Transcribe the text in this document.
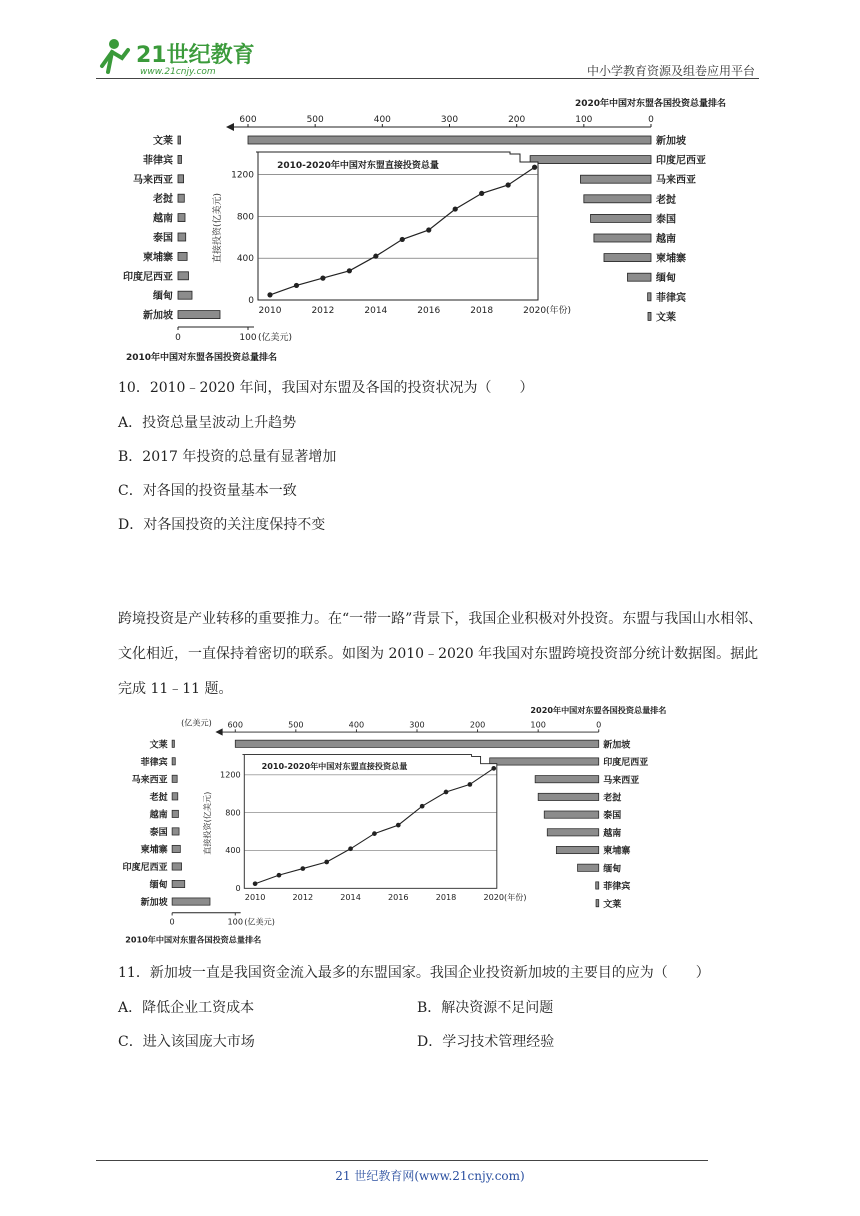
21世纪教育
www.21cnjy.com	中小学教育资源及组卷应用平台
2020年中国对东盟各国投资总量排名
600	500	400	300	200	100	0
新加坡
印度尼西亚
马来西亚
老挝
泰国
越南
柬埔寨
缅甸
菲律宾
文莱
文莱
菲律宾
马来西亚
老挝
越南
泰国
柬埔寨
印度尼西亚
缅甸
新加坡
0	100 (亿美元)
2010年中国对东盟各国投资总量排名
2010-2020年中国对东盟直接投资总量
0
400
800
1200
直接投资(亿美元)
2010	2012	2014	2016	2018	2020 (年份)
10．2010﹣2020 年间，我国对东盟及各国的投资状况为（　　）
A．投资总量呈波动上升趋势
B．2017 年投资的总量有显著增加
C．对各国的投资量基本一致
D．对各国投资的关注度保持不变
跨境投资是产业转移的重要推力。在“一带一路”背景下，我国企业积极对外投资。东盟与我国山水相邻、文化相近，一直保持着密切的联系。如图为 2010﹣2020 年我国对东盟跨境投资部分统计数据图。据此完成 11﹣11 题。
2020年中国对东盟各国投资总量排名
(亿美元) 600	500	400	300	200	100	0
新加坡
印度尼西亚
马来西亚
老挝
泰国
越南
柬埔寨
缅甸
菲律宾
文莱
文莱
菲律宾
马来西亚
老挝
越南
泰国
柬埔寨
印度尼西亚
缅甸
新加坡
0	100 (亿美元)
2010年中国对东盟各国投资总量排名
2010-2020年中国对东盟直接投资总量
0
400
800
1200
直接投资(亿美元)
2010	2012	2014	2016	2018	2020 (年份)
11．新加坡一直是我国资金流入最多的东盟国家。我国企业投资新加坡的主要目的应为（　　）
A．降低企业工资成本	B．解决资源不足问题
C．进入该国庞大市场	D．学习技术管理经验
21 世纪教育网(www.21cnjy.com)
